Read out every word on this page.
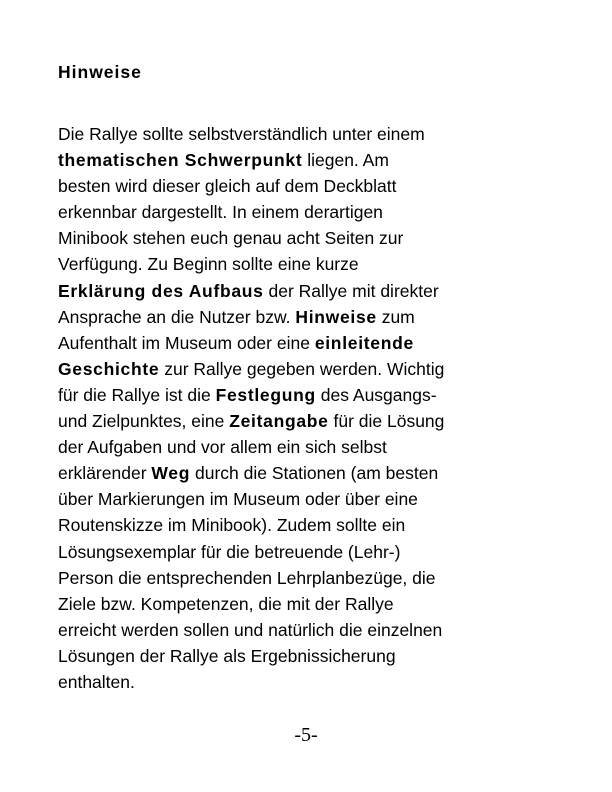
Hinweise
Die Rallye sollte selbstverständlich unter einem
thematischen Schwerpunkt liegen. Am
besten wird dieser gleich auf dem Deckblatt
erkennbar dargestellt. In einem derartigen
Minibook stehen euch genau acht Seiten zur
Verfügung. Zu Beginn sollte eine kurze
Erklärung des Aufbaus der Rallye mit direkter
Ansprache an die Nutzer bzw. Hinweise zum
Aufenthalt im Museum oder eine einleitende
Geschichte zur Rallye gegeben werden. Wichtig
für die Rallye ist die Festlegung des Ausgangs-
und Zielpunktes, eine Zeitangabe für die Lösung
der Aufgaben und vor allem ein sich selbst
erklärender Weg durch die Stationen (am besten
über Markierungen im Museum oder über eine
Routenskizze im Minibook). Zudem sollte ein
Lösungsexemplar für die betreuende (Lehr-)
Person die entsprechenden Lehrplanbezüge, die
Ziele bzw. Kompetenzen, die mit der Rallye
erreicht werden sollen und natürlich die einzelnen
Lösungen der Rallye als Ergebnissicherung
enthalten.
-5-
